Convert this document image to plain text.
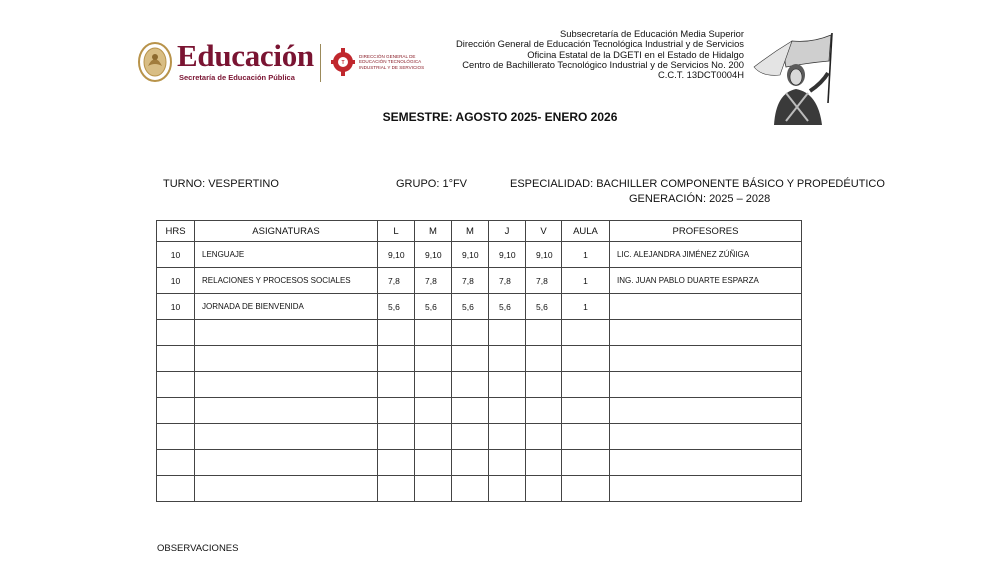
Educación
Secretaría de Educación Pública
T
DIRECCIÓN GENERAL DE EDUCACIÓN TECNOLÓGICA INDUSTRIAL Y DE SERVICIOS
Subsecretaría de Educación Media Superior
Dirección General de Educación Tecnológica Industrial y de Servicios
Oficina Estatal de la DGETI en el Estado de Hidalgo
Centro de Bachillerato Tecnológico Industrial y de Servicios No. 200
C.C.T. 13DCT0004H
SEMESTRE: AGOSTO 2025- ENERO 2026
TURNO: VESPERTINO	GRUPO: 1°FV	ESPECIALIDAD: BACHILLER COMPONENTE BÁSICO Y PROPEDÉUTICO
GENERACIÓN: 2025 – 2028
HRS	ASIGNATURAS	L	M	M	J	V	AULA	PROFESORES
10	LENGUAJE	9,10	9,10	9,10	9,10	9,10	1	LIC. ALEJANDRA JIMÉNEZ ZÚÑIGA
10	RELACIONES Y PROCESOS SOCIALES	7,8	7,8	7,8	7,8	7,8	1	ING. JUAN PABLO DUARTE ESPARZA
10	JORNADA DE BIENVENIDA	5,6	5,6	5,6	5,6	5,6	1	

OBSERVACIONES
